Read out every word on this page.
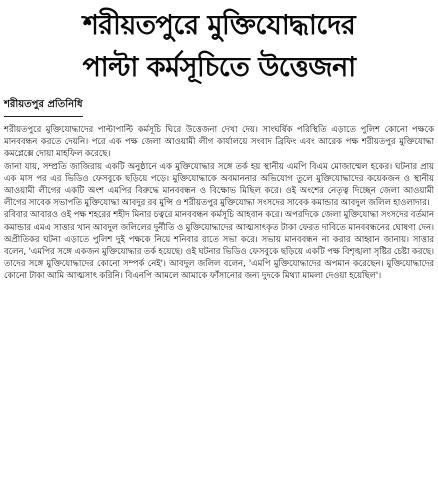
শরীয়তপুরে মুক্তিযোদ্ধাদের
পাল্টা কর্মসূচিতে উত্তেজনা
শরীয়তপুর প্রতিনিধি

শরীয়তপুরে মুক্তিযোদ্ধাদের পাল্টাপাল্টি কর্মসূচি ঘিরে উত্তেজনা দেখা দেয়। সাংঘর্ষিক পরিস্থিতি এড়াতে পুলিশ কোনো পক্ষকে মানববন্ধন করতে দেয়নি। পরে এক পক্ষ জেলা আওয়ামী লীগ কার্যালয়ে সংবাদ ব্রিফিং এবং আরেক পক্ষ শরীয়তপুর মুক্তিযোদ্ধা কমপ্লেক্সে দোয়া মাহফিল করেছে।

জানা যায়, সম্প্রতি জাজিরায় একটি অনুষ্ঠানে এক মুক্তিযোদ্ধার সঙ্গে তর্ক হয় স্থানীয় এমপি বিএম মোজাম্মেল হকের। ঘটনার প্রায় এক মাস পর এর ভিডিও ফেসবুকে ছড়িয়ে পড়ে। মুক্তিযোদ্ধাকে অবমাননার অভিযোগ তুলে মুক্তিযোদ্ধাদের কয়েকজন ও স্থানীয় আওয়ামী লীগের একটি অংশ এমপির বিরুদ্ধে মানববন্ধন ও বিক্ষোভ মিছিল করে। ওই অংশের নেতৃত্ব দিচ্ছেন জেলা আওয়ামী লীগের সাবেক সভাপতি মুক্তিযোদ্ধা আবদুর রব মুন্সি ও শরীয়তপুর মুক্তিযোদ্ধা সংসদের সাবেক কমান্ডার আবদুল জলিল হাওলাদার।

রবিবার আবারও ওই পক্ষ শহরের শহীদ মিনার চত্বরে মানববন্ধন কর্মসূচি আহবান করে। অপরদিকে জেলা মুক্তিযোদ্ধা সংসদের বর্তমান কমান্ডার এমএ সাত্তার খান আবদুল জলিলের দুর্নীতি ও মুক্তিযোদ্ধাদের আত্মসাৎকৃত টাকা ফেরত দাবিতে মানববন্ধনের ঘোষণা দেন। অপ্রীতিকর ঘটনা এড়াতে পুলিশ দুই পক্ষকে নিয়ে শনিবার রাতে সভা করে। সভায় মানববন্ধন না করার আহ্বান জানায়। সাত্তার বলেন, 'এমপির সঙ্গে একজন মুক্তিযোদ্ধার তর্ক হয়েছে। ওই ঘটনার ভিডিও ফেসবুকে ছড়িয়ে একটি পক্ষ বিশৃঙ্খলা সৃষ্টির চেষ্টা করছে। তাদের সঙ্গে মুক্তিযোদ্ধাদের কোনো সম্পর্ক নেই'। আবদুল জলিল বলেন, 'এমপি মুক্তিযোদ্ধাদের অপমান করেছেন। মুক্তিযোদ্ধাদের কোনো টাকা আমি আত্মসাৎ করিনি। বিএনপি আমলে আমাকে ফাঁসানোর জন্য দুদকে মিথ্যা মামলা দেওয়া হয়েছিল'।
